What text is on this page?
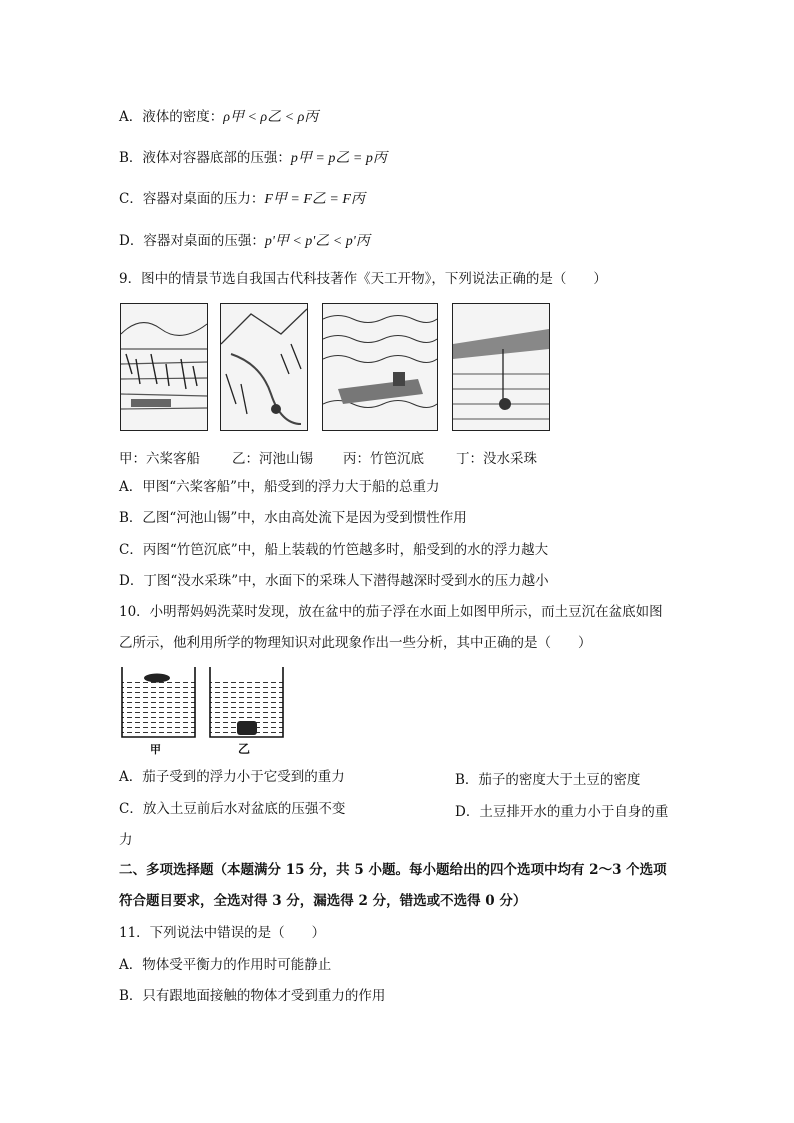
A．液体的密度：ρ甲 < ρ乙 < ρ丙
B．液体对容器底部的压强：p甲 = p乙 = p丙
C．容器对桌面的压力：F甲 = F乙 = F丙
D．容器对桌面的压强：p'甲 < p'乙 < p'丙
9．图中的情景节选自我国古代科技著作《天工开物》，下列说法正确的是（　　）
甲：六桨客船 乙：河池山锡 丙：竹笆沉底 丁：没水采珠
A．甲图“六桨客船”中，船受到的浮力大于船的总重力
B．乙图“河池山锡”中，水由高处流下是因为受到惯性作用
C．丙图“竹笆沉底”中，船上装载的竹笆越多时，船受到的水的浮力越大
D．丁图“没水采珠”中，水面下的采珠人下潜得越深时受到水的压力越小
10．小明帮妈妈洗菜时发现，放在盆中的茄子浮在水面上如图甲所示，而土豆沉在盆底如图
乙所示，他利用所学的物理知识对此现象作出一些分析，其中正确的是（　　）
甲	乙
A．茄子受到的浮力小于它受到的重力	B．茄子的密度大于土豆的密度
C．放入土豆前后水对盆底的压强不变	D．土豆排开水的重力小于自身的重
力
二、多项选择题（本题满分 15 分，共 5 小题。每小题给出的四个选项中均有 2～3 个选项
符合题目要求，全选对得 3 分，漏选得 2 分，错选或不选得 0 分）
11．下列说法中错误的是（　　）
A．物体受平衡力的作用时可能静止
B．只有跟地面接触的物体才受到重力的作用
